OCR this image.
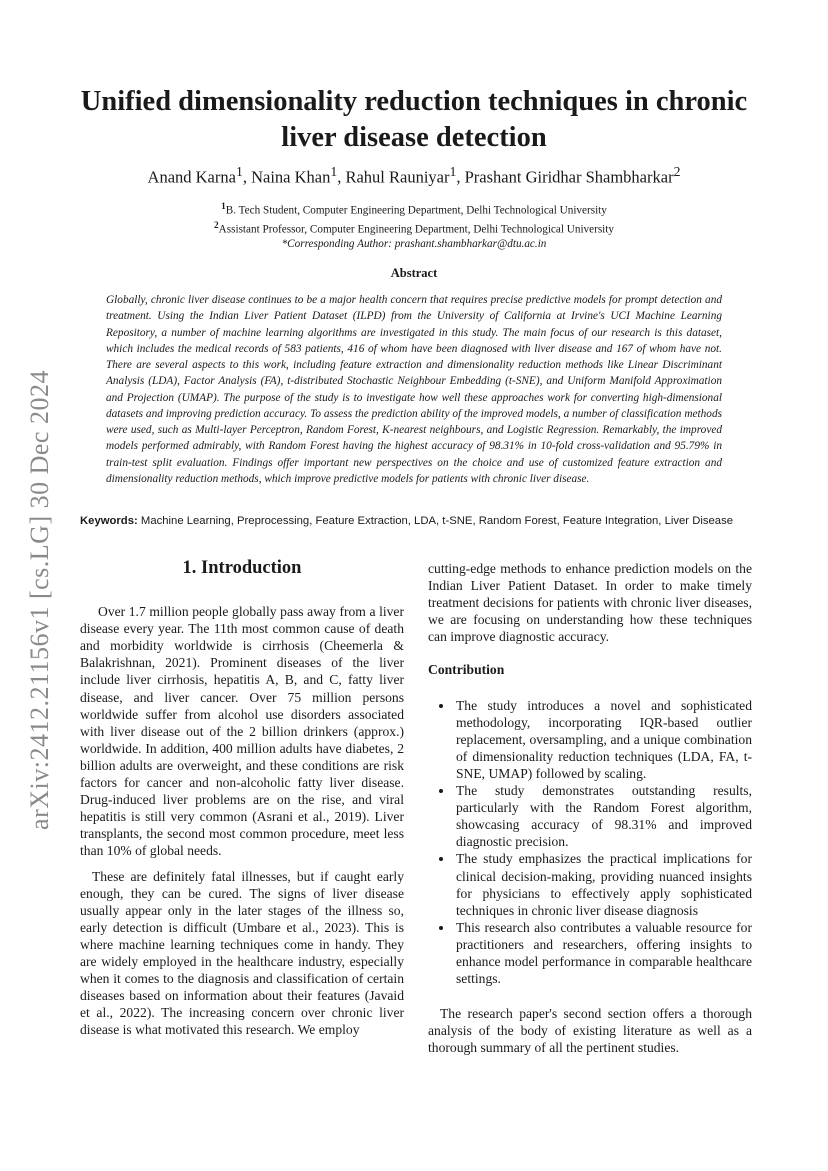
arXiv:2412.21156v1 [cs.LG] 30 Dec 2024
Unified dimensionality reduction techniques in chronic liver disease detection
Anand Karna$^1$, Naina Khan$^1$, Rahul Rauniyar$^1$, Prashant Giridhar Shambharkar$^2$
$^1$B. Tech Student, Computer Engineering Department, Delhi Technological University
$^2$Assistant Professor, Computer Engineering Department, Delhi Technological University
*Corresponding Author: prashant.shambharkar@dtu.ac.in
Abstract
Globally, chronic liver disease continues to be a major health concern that requires precise predictive models for prompt detection and treatment. Using the Indian Liver Patient Dataset (ILPD) from the University of California at Irvine's UCI Machine Learning Repository, a number of machine learning algorithms are investigated in this study. The main focus of our research is this dataset, which includes the medical records of 583 patients, 416 of whom have been diagnosed with liver disease and 167 of whom have not. There are several aspects to this work, including feature extraction and dimensionality reduction methods like Linear Discriminant Analysis (LDA), Factor Analysis (FA), t-distributed Stochastic Neighbour Embedding (t-SNE), and Uniform Manifold Approximation and Projection (UMAP). The purpose of the study is to investigate how well these approaches work for converting high-dimensional datasets and improving prediction accuracy. To assess the prediction ability of the improved models, a number of classification methods were used, such as Multi-layer Perceptron, Random Forest, K-nearest neighbours, and Logistic Regression. Remarkably, the improved models performed admirably, with Random Forest having the highest accuracy of 98.31% in 10-fold cross-validation and 95.79% in train-test split evaluation. Findings offer important new perspectives on the choice and use of customized feature extraction and dimensionality reduction methods, which improve predictive models for patients with chronic liver disease.
Keywords: Machine Learning, Preprocessing, Feature Extraction, LDA, t-SNE, Random Forest, Feature Integration, Liver Disease
1. Introduction

Over 1.7 million people globally pass away from a liver disease every year. The 11th most common cause of death and morbidity worldwide is cirrhosis (Cheemerla & Balakrishnan, 2021). Prominent diseases of the liver include liver cirrhosis, hepatitis A, B, and C, fatty liver disease, and liver cancer. Over 75 million persons worldwide suffer from alcohol use disorders associated with liver disease out of the 2 billion drinkers (approx.) worldwide. In addition, 400 million adults have diabetes, 2 billion adults are overweight, and these conditions are risk factors for cancer and non-alcoholic fatty liver disease. Drug-induced liver problems are on the rise, and viral hepatitis is still very common (Asrani et al., 2019). Liver transplants, the second most common procedure, meet less than 10% of global needs.

These are definitely fatal illnesses, but if caught early enough, they can be cured. The signs of liver disease usually appear only in the later stages of the illness so, early detection is difficult (Umbare et al., 2023). This is where machine learning techniques come in handy. They are widely employed in the healthcare industry, especially when it comes to the diagnosis and classification of certain diseases based on information about their features (Javaid et al., 2022). The increasing concern over chronic liver disease is what motivated this research. We employ

cutting-edge methods to enhance prediction models on the Indian Liver Patient Dataset. In order to make timely treatment decisions for patients with chronic liver diseases, we are focusing on understanding how these techniques can improve diagnostic accuracy.

Contribution
• The study introduces a novel and sophisticated methodology, incorporating IQR-based outlier replacement, oversampling, and a unique combination of dimensionality reduction techniques (LDA, FA, t-SNE, UMAP) followed by scaling.
• The study demonstrates outstanding results, particularly with the Random Forest algorithm, showcasing accuracy of 98.31% and improved diagnostic precision.
• The study emphasizes the practical implications for clinical decision-making, providing nuanced insights for physicians to effectively apply sophisticated techniques in chronic liver disease diagnosis
• This research also contributes a valuable resource for practitioners and researchers, offering insights to enhance model performance in comparable healthcare settings.

The research paper's second section offers a thorough analysis of the body of existing literature as well as a thorough summary of all the pertinent studies.
